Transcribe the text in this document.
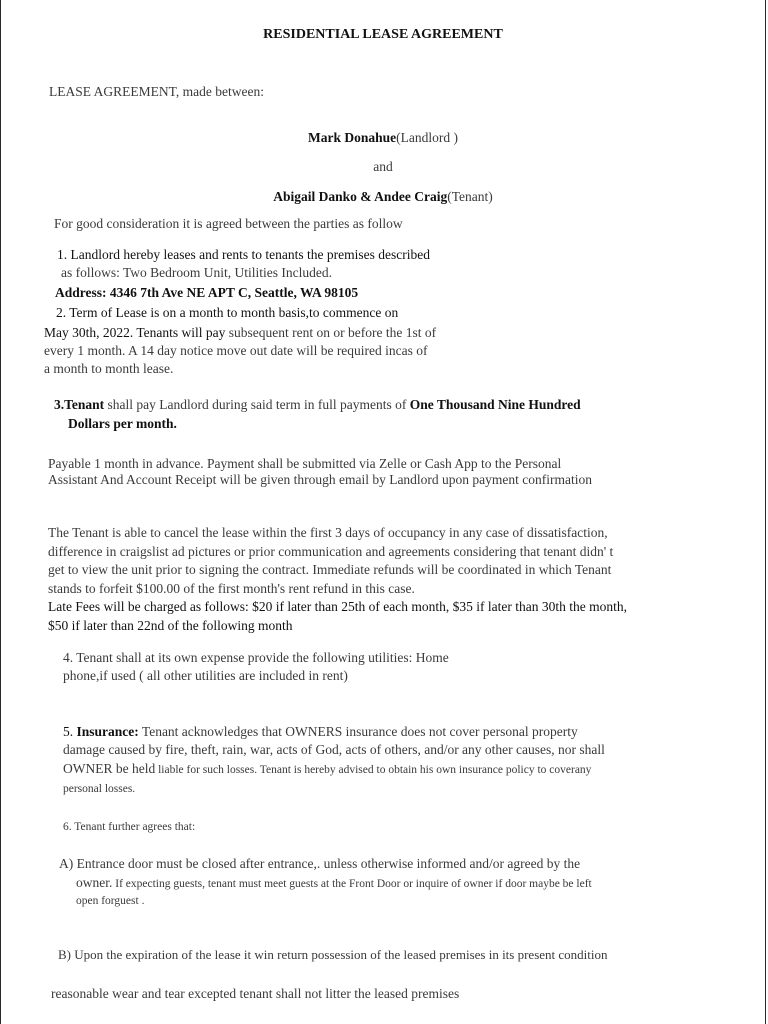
RESIDENTIAL LEASE AGREEMENT
LEASE AGREEMENT, made between:
Mark Donahue(Landlord )
and
Abigail Danko & Andee Craig(Tenant)
For good consideration it is agreed between the parties as follow
1. Landlord hereby leases and rents to tenants the premises described
as follows: Two Bedroom Unit, Utilities Included.
Address: 4346 7th Ave NE APT C, Seattle, WA 98105
2. Term of Lease is on a month to month basis,to commence on
May 30th, 2022. Tenants will pay subsequent rent on or before the 1st of
every 1 month. A 14 day notice move out date will be required incas of
a month to month lease.
3.Tenant shall pay Landlord during said term in full payments of One Thousand Nine Hundred
Dollars per month.
Payable 1 month in advance. Payment shall be submitted via Zelle or Cash App to the Personal
Assistant And Account Receipt will be given through email by Landlord upon payment confirmation
The Tenant is able to cancel the lease within the first 3 days of occupancy in any case of dissatisfaction,
difference in craigslist ad pictures or prior communication and agreements considering that tenant didn' t
get to view the unit prior to signing the contract. Immediate refunds will be coordinated in which Tenant
stands to forfeit $100.00 of the first month's rent refund in this case.
Late Fees will be charged as follows: $20 if later than 25th of each month, $35 if later than 30th the month,
$50 if later than 22nd of the following month
4. Tenant shall at its own expense provide the following utilities: Home
phone,if used ( all other utilities are included in rent)
5. Insurance: Tenant acknowledges that OWNERS insurance does not cover personal property
damage caused by fire, theft, rain, war, acts of God, acts of others, and/or any other causes, nor shall
OWNER be held liable for such losses. Tenant is hereby advised to obtain his own insurance policy to coverany
personal losses.
6. Tenant further agrees that:
A) Entrance door must be closed after entrance,. unless otherwise informed and/or agreed by the
owner. If expecting guests, tenant must meet guests at the Front Door or inquire of owner if door maybe be left
open forguest .
B) Upon the expiration of the lease it win return possession of the leased premises in its present condition
reasonable wear and tear excepted tenant shall not litter the leased premises
